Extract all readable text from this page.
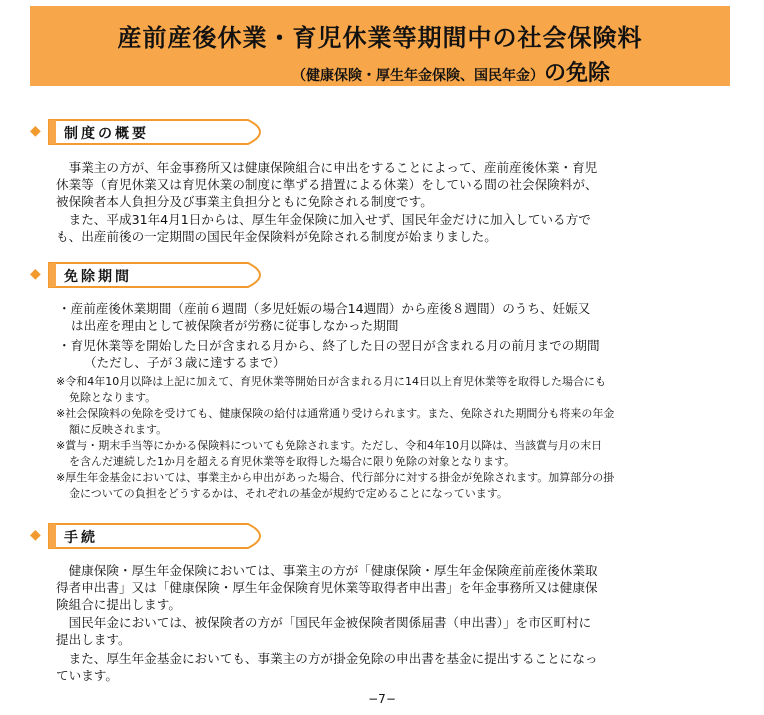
産前産後休業・育児休業等期間中の社会保険料
（健康保険・厚生年金保険、国民年金）の免除
◆ 制度の概要
　事業主の方が、年金事務所又は健康保険組合に申出をすることによって、産前産後休業・育児
休業等（育児休業又は育児休業の制度に準ずる措置による休業）をしている間の社会保険料が、
被保険者本人負担分及び事業主負担分ともに免除される制度です。
　また、平成31年4月1日からは、厚生年金保険に加入せず、国民年金だけに加入している方で
も、出産前後の一定期間の国民年金保険料が免除される制度が始まりました。
◆ 免除期間
・産前産後休業期間（産前６週間（多児妊娠の場合14週間）から産後８週間）のうち、妊娠又
は出産を理由として被保険者が労務に従事しなかった期間
・育児休業等を開始した日が含まれる月から、終了した日の翌日が含まれる月の前月までの期間
（ただし、子が３歳に達するまで）
※令和4年10月以降は上記に加えて、育児休業等開始日が含まれる月に14日以上育児休業等を取得した場合にも
免除となります。
※社会保険料の免除を受けても、健康保険の給付は通常通り受けられます。また、免除された期間分も将来の年金
額に反映されます。
※賞与・期末手当等にかかる保険料についても免除されます。ただし、令和4年10月以降は、当該賞与月の末日
を含んだ連続した1か月を超える育児休業等を取得した場合に限り免除の対象となります。
※厚生年金基金においては、事業主から申出があった場合、代行部分に対する掛金が免除されます。加算部分の掛
金についての負担をどうするかは、それぞれの基金が規約で定めることになっています。
◆ 手続
　健康保険・厚生年金保険においては、事業主の方が「健康保険・厚生年金保険産前産後休業取
得者申出書」又は「健康保険・厚生年金保険育児休業等取得者申出書」を年金事務所又は健康保
険組合に提出します。
　国民年金においては、被保険者の方が「国民年金被保険者関係届書（申出書）」を市区町村に
提出します。
　また、厚生年金基金においても、事業主の方が掛金免除の申出書を基金に提出することになっ
ています。
−7−
